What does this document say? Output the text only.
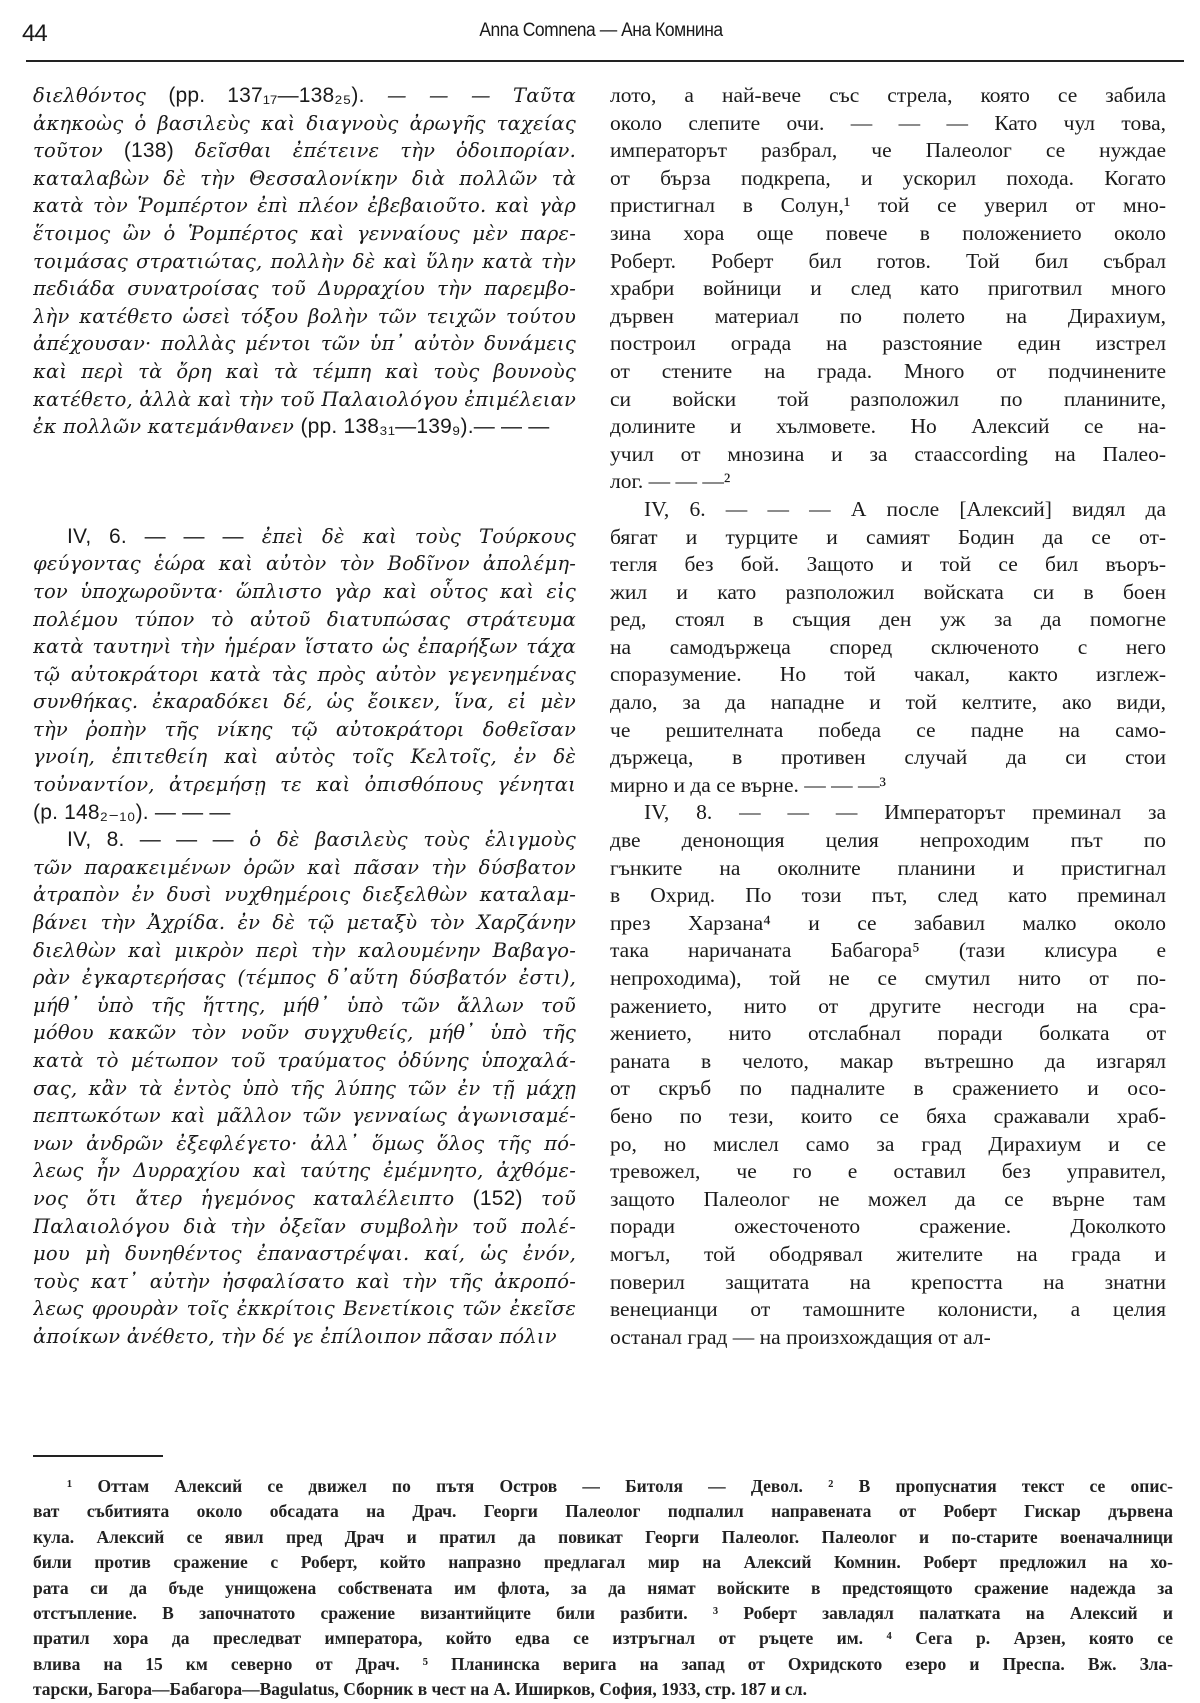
44	Anna Comnena — Ана Комнина
διελθόντος (pp. 137₁₇—138₂₅). — — — Ταῦτα
ἀκηκοὼς ὁ βασιλεὺς καὶ διαγνοὺς ἀρωγῆς ταχείας
τοῦτον (138) δεῖσθαι ἐπέτεινε τὴν ὁδοιπορίαν.
καταλαβὼν δὲ τὴν Θεσσαλονίκην διὰ πολλῶν τὰ
κατὰ τὸν Ῥομπέρτον ἐπὶ πλέον ἐβεβαιοῦτο. καὶ γὰρ
ἕτοιμος ὢν ὁ Ῥομπέρτος καὶ γενναίους μὲν παρε-
τοιμάσας στρατιώτας, πολλὴν δὲ καὶ ὕλην κατὰ τὴν
πεδιάδα συνατροίσας τοῦ Δυρραχίου τὴν παρεμβο-
λὴν κατέθετο ὡσεὶ τόξου βολὴν τῶν τειχῶν τούτου
ἀπέχουσαν· πολλὰς μέντοι τῶν ὑπ᾽ αὐτὸν δυνάμεις
καὶ περὶ τὰ ὄρη καὶ τὰ τέμπη καὶ τοὺς βουνοὺς
κατέθετο, ἀλλὰ καὶ τὴν τοῦ Παλαιολόγου ἐπιμέλειαν
ἐκ πολλῶν κατεμάνθανεν (pp. 138₃₁—139₉).— — —
IV, 6. — — — ἐπεὶ δὲ καὶ τοὺς Τούρκους
φεύγοντας ἑώρα καὶ αὐτὸν τὸν Βοδῖνον ἀπολέμη-
τον ὑποχωροῦντα· ὥπλιστο γὰρ καὶ οὗτος καὶ εἰς
πολέμου τύπον τὸ αὐτοῦ διατυπώσας στράτευμα
κατὰ ταυτηνὶ τὴν ἡμέραν ἵστατο ὡς ἐπαρήξων τάχα
τῷ αὐτοκράτορι κατὰ τὰς πρὸς αὐτὸν γεγενημένας
συνθήκας. ἐκαραδόκει δέ, ὡς ἔοικεν, ἵνα, εἰ μὲν
τὴν ῥοπὴν τῆς νίκης τῷ αὐτοκράτορι δοθεῖσαν
γνοίη, ἐπιτεθείη καὶ αὐτὸς τοῖς Κελτοῖς, ἐν δὲ
τοὐναντίον, ἀτρεμήσῃ τε καὶ ὀπισθόπους γένηται
(p. 148₂₋₁₀). — — —
IV, 8. — — — ὁ δὲ βασιλεὺς τοὺς ἑλιγμοὺς
τῶν παρακειμένων ὀρῶν καὶ πᾶσαν τὴν δύσβατον
ἀτραπὸν ἐν δυσὶ νυχθημέροις διεξελθὼν καταλαμ-
βάνει τὴν Ἀχρίδα. ἐν δὲ τῷ μεταξὺ τὸν Χαρζάνην
διελθὼν καὶ μικρὸν περὶ τὴν καλουμένην Βαβαγο-
ρὰν ἐγκαρτερήσας (τέμπος δ᾽αὕτη δύσβατόν ἐστι),
μήθ᾽ ὑπὸ τῆς ἥττης, μήθ᾽ ὑπὸ τῶν ἄλλων τοῦ
μόθου κακῶν τὸν νοῦν συγχυθείς, μήθ᾽ ὑπὸ τῆς
κατὰ τὸ μέτωπον τοῦ τραύματος ὀδύνης ὑποχαλά-
σας, κἂν τὰ ἐντὸς ὑπὸ τῆς λύπης τῶν ἐν τῇ μάχῃ
πεπτωκότων καὶ μᾶλλον τῶν γενναίως ἀγωνισαμέ-
νων ἀνδρῶν ἐξεφλέγετο· ἀλλ᾽ ὅμως ὅλος τῆς πό-
λεως ἦν Δυρραχίου καὶ ταύτης ἐμέμνητο, ἀχθόμε-
νος ὅτι ἄτερ ἡγεμόνος καταλέλειπτο (152) τοῦ
Παλαιολόγου διὰ τὴν ὀξεῖαν συμβολὴν τοῦ πολέ-
μου μὴ δυνηθέντος ἐπαναστρέψαι. καί, ὡς ἐνόν,
τοὺς κατ᾽ αὐτὴν ἠσφαλίσατο καὶ τὴν τῆς ἀκροπό-
λεως φρουρὰν τοῖς ἐκκρίτοις Βενετίκοις τῶν ἐκεῖσε
ἀποίκων ἀνέθετο, τὴν δέ γε ἐπίλοιπον πᾶσαν πόλιν
лото, а най-вече със стрела, която се забила
около слепите очи. — — — Като чул това,
императорът разбрал, че Палеолог се нуждае
от бърза подкрепа, и ускорил похода. Когато
пристигнал в Солун,¹ той се уверил от мно-
зина хора още повече в положението около
Роберт. Роберт бил готов. Той бил събрал
храбри войници и след като приготвил много
дървен материал по полето на Дирахиум,
построил ограда на разстояние един изстрел
от стените на града. Много от подчинените
си войски той разположил по планините,
долините и хълмовете. Но Алексий се на-
учил от мнозина и за стаaccording на Палео-
лог. — — —²
IV, 6. — — — А после [Алексий] видял да
бягат и турците и самият Бодин да се от-
тегля без бой. Защото и той се бил въоръ-
жил и като разположил войската си в боен
ред, стоял в същия ден уж за да помогне
на самодържеца според сключеното с него
споразумение. Но той чакал, както изглеж-
дало, за да нападне и той келтите, ако види,
че решителната победа се падне на само-
държеца, в противен случай да си стои
мирно и да се върне. — — —³
IV, 8. — — — Императорът преминал за
две денонощия целия непроходим път по
гънките на околните планини и пристигнал
в Охрид. По този път, след като преминал
през Харзана⁴ и се забавил малко около
така наричаната Бабагора⁵ (тази клисура е
непроходима), той не се смутил нито от по-
ражението, нито от другите несгоди на сра-
жението, нито отслабнал поради болката от
раната в челото, макар вътрешно да изгарял
от скръб по падналите в сражението и осо-
бено по тези, които се бяха сражавали храб-
ро, но мислел само за град Дирахиум и се
тревожел, че го е оставил без управител,
защото Палеолог не можел да се върне там
поради ожесточеното сражение. Доколкото
могъл, той ободрявал жителите на града и
поверил защитата на крепостта на знатни
венецианци от тамошните колонисти, а целия
останал град — на произхождащия от ал-
¹ Оттам Алексий се движел по пътя Остров — Битоля — Девол. ² В пропуснатия текст се опис-
ват събитията около обсадата на Драч. Георги Палеолог подпалил направената от Роберт Гискар дървена
кула. Алексий се явил пред Драч и пратил да повикат Георги Палеолог. Палеолог и по-старите военачалници
били против сражение с Роберт, който напразно предлагал мир на Алексий Комнин. Роберт предложил на хо-
рата си да бъде унищожена собствената им флота, за да нямат войските в предстоящото сражение надежда за
отстъпление. В започнатото сражение византийците били разбити. ³ Роберт завладял палатката на Алексий и
пратил хора да преследват императора, който едва се изтръгнал от ръцете им. ⁴ Сега р. Арзен, която се
влива на 15 км северно от Драч. ⁵ Планинска верига на запад от Охридското езеро и Преспа. Вж. Зла-
тарски, Багора—Бабагора—Bagulatus, Сборник в чест на А. Иширков, София, 1933, стр. 187 и сл.
